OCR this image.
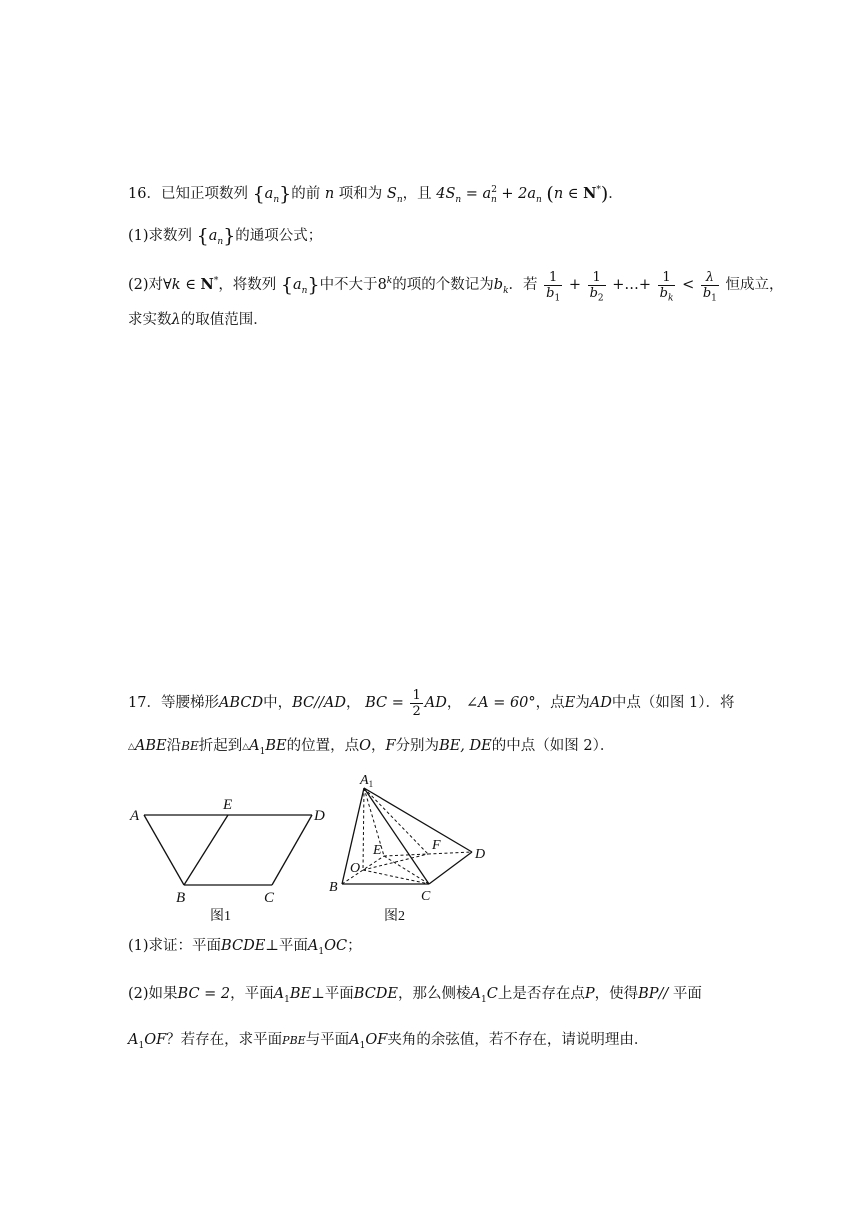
16．已知正项数列 $\{a_n\}$的前 n 项和为 $S_n$，且 $4S_n = a^2_n + 2a_n$ (n ∈ N*)．
(1)求数列 $\{a_n\}$的通项公式；
(2)对∀k ∈ N*，将数列 $\{a_n\}$中不大于8$^k$的项的个数记为$b_k$．若 $\frac{1}{b_1} + \frac{1}{b_2}$ +…+ $\frac{1}{b_k} < \frac{\lambda}{b_1}$ 恒成立，
求实数λ的取值范围．
17．等腰梯形ABCD中，BC//AD， BC = $\frac{1}{2}$ AD， ∠A = 60°，点E为AD中点（如图 1）．将
△ABE沿BE折起到$\triangle A_1BE$的位置，点O，F分别为BE, DE的中点（如图 2）．
A
E
D
B	C
图1
$A_1$
E	F
D
O
B
C
图2
(1)求证：平面BCDE⊥平面$A_1OC$；
(2)如果BC = 2，平面$A_1BE\perp$平面BCDE，那么侧棱$A_1C$上是否存在点P，使得BP// 平面
$A_1OF$？若存在，求平面PBE与平面$A_1OF$夹角的余弦值，若不存在，请说明理由．
